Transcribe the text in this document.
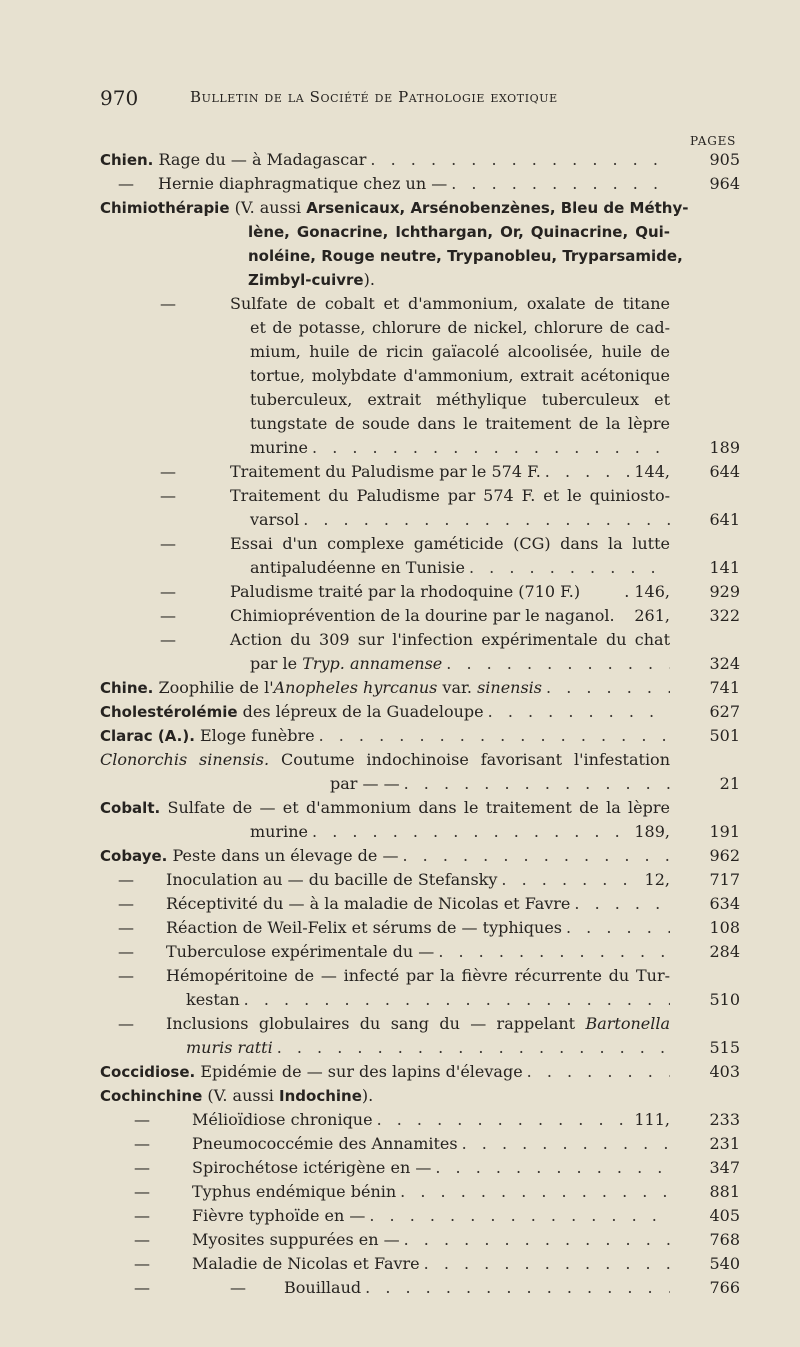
970	Bulletin de la Société de Pathologie exotique
PAGES
Chien. Rage du — à Madagascar . . .	905
— Hernie diaphragmatique chez un — . . .	964
Chimiothérapie (V. aussi Arsenicaux, Arsénobenzènes, Bleu de Méthy-
lène, Gonacrine, Ichthargan, Or, Quinacrine, Qui-
noléine, Rouge neutre, Trypanobleu, Tryparsamide,
Zimbyl-cuivre).
—	Sulfate de cobalt et d'ammonium, oxalate de titane
et de potasse, chlorure de nickel, chlorure de cad-
mium, huile de ricin gaïacolé alcoolisée, huile de
tortue, molybdate d'ammonium, extrait acétonique
tuberculeux, extrait méthylique tuberculeux et
tungstate de soude dans le traitement de la lèpre
murine . . .	189
—	Traitement du Paludisme par le 574 F. . . .	144,	644
—	Traitement du Paludisme par 574 F. et le quiniosto-
varsol . . .	641
—	Essai d'un complexe gaméticide (CG) dans la lutte
antipaludéenne en Tunisie . . .	141
—	Paludisme traité par la rhodoquine (710 F.)	. 146,	929
—	Chimioprévention de la dourine par le naganol.	261,	322
—	Action du 309 sur l'infection expérimentale du chat
par le Tryp. annamense . . .	324
Chine. Zoophilie de l'Anopheles hyrcanus var. sinensis . . .	741
Cholestérolémie des lépreux de la Guadeloupe . . .	627
Clarac (A.). Eloge funèbre . . .	501
Clonorchis sinensis. Coutume indochinoise favorisant l'infestation
par — — . . .	21
Cobalt. Sulfate de — et d'ammonium dans le traitement de la lèpre
murine . . .	189,	191
Cobaye. Peste dans un élevage de — . . .	962
— Inoculation au — du bacille de Stefansky . . .	12,	717
— Réceptivité du — à la maladie de Nicolas et Favre . . .	634
— Réaction de Weil-Felix et sérums de — typhiques . . .	108
— Tuberculose expérimentale du — . . .	284
— Hémopéritoine de — infecté par la fièvre récurrente du Tur-
kestan . . .	510
— Inclusions globulaires du sang du — rappelant Bartonella
muris ratti . . .	515
Coccidiose. Epidémie de — sur des lapins d'élevage . . .	403
Cochinchine (V. aussi Indochine).
—	Mélioïdiose chronique . . .	111,	233
—	Pneumococcémie des Annamites . . .	231
—	Spirochétose ictérigène en — . . .	347
—	Typhus endémique bénin . . .	881
—	Fièvre typhoïde en — . . .	405
—	Myosites suppurées en — . . .	768
—	Maladie de Nicolas et Favre . . .	540
—	— Bouillaud . . .	766
